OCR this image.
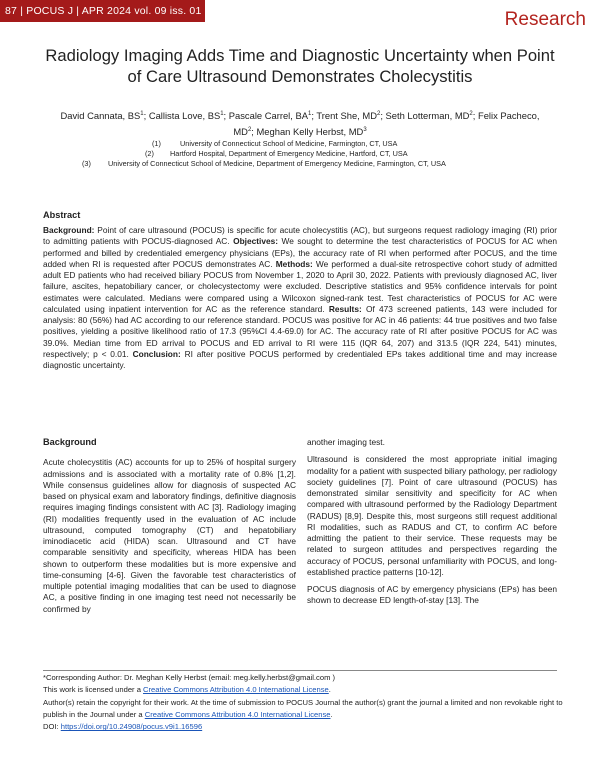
87 | POCUS J | APR 2024 vol. 09 iss. 01	Research
Radiology Imaging Adds Time and Diagnostic Uncertainty when Point of Care Ultrasound Demonstrates Cholecystitis
David Cannata, $BS^1$; Callista Love, $BS^1$; Pascale Carrel, $BA^1$; Trent She, $MD^2$; Seth Lotterman, $MD^2$; Felix Pacheco, $MD^2$; Meghan Kelly Herbst, $MD^3$
(1)	University of Connecticut School of Medicine, Farmington, CT, USA
(2)	Hartford Hospital, Department of Emergency Medicine, Hartford, CT, USA
(3)	University of Connecticut School of Medicine, Department of Emergency Medicine, Farmington, CT, USA
Abstract
Background: Point of care ultrasound (POCUS) is specific for acute cholecystitis (AC), but surgeons request radiology imaging (RI) prior to admitting patients with POCUS-diagnosed AC. Objectives: We sought to determine the test characteristics of POCUS for AC when performed and billed by credentialed emergency physicians (EPs), the accuracy rate of RI when performed after POCUS, and the time added when RI is requested after POCUS demonstrates AC. Methods: We performed a dual-site retrospective cohort study of admitted adult ED patients who had received biliary POCUS from November 1, 2020 to April 30, 2022. Patients with previously diagnosed AC, liver failure, ascites, hepatobiliary cancer, or cholecystectomy were excluded. Descriptive statistics and 95% confidence intervals for point estimates were calculated. Medians were compared using a Wilcoxon signed-rank test. Test characteristics of POCUS for AC were calculated using inpatient intervention for AC as the reference standard. Results: Of 473 screened patients, 143 were included for analysis: 80 (56%) had AC according to our reference standard. POCUS was positive for AC in 46 patients: 44 true positives and two false positives, yielding a positive likelihood ratio of 17.3 (95%CI 4.4-69.0) for AC. The accuracy rate of RI after positive POCUS for AC was 39.0%. Median time from ED arrival to POCUS and ED arrival to RI were 115 (IQR 64, 207) and 313.5 (IQR 224, 541) minutes, respectively; p < 0.01. Conclusion: RI after positive POCUS performed by credentialed EPs takes additional time and may increase diagnostic uncertainty.
Background

Acute cholecystitis (AC) accounts for up to 25% of hospital surgery admissions and is associated with a mortality rate of 0.8% [1,2]. While consensus guidelines allow for diagnosis of suspected AC based on physical exam and laboratory findings, definitive diagnosis requires imaging findings consistent with AC [3]. Radiology imaging (RI) modalities frequently used in the evaluation of AC include ultrasound, computed tomography (CT) and hepatobiliary iminodiacetic acid (HIDA) scan. Ultrasound and CT have comparable sensitivity and specificity, whereas HIDA has been shown to outperform these modalities but is more expensive and time-consuming [4-6]. Given the favorable test characteristics of multiple potential imaging modalities that can be used to diagnose AC, a positive finding in one imaging test need not necessarily be confirmed by

another imaging test.

Ultrasound is considered the most appropriate initial imaging modality for a patient with suspected biliary pathology, per radiology society guidelines [7]. Point of care ultrasound (POCUS) has demonstrated similar sensitivity and specificity for AC when compared with ultrasound performed by the Radiology Department (RADUS) [8,9]. Despite this, most surgeons still request additional RI modalities, such as RADUS and CT, to confirm AC before admitting the patient to their service. These requests may be related to surgeon attitudes and perspectives regarding the accuracy of POCUS, personal unfamiliarity with POCUS, and long-established practice patterns [10-12].

POCUS diagnosis of AC by emergency physicians (EPs) has been shown to decrease ED length-of-stay [13]. The

*Corresponding Author: Dr. Meghan Kelly Herbst (email: meg.kelly.herbst@gmail.com )
This work is licensed under a Creative Commons Attribution 4.0 International License.
Author(s) retain the copyright for their work. At the time of submission to POCUS Journal the author(s) grant the journal a limited and non revokable right to publish in the Journal under a Creative Commons Attribution 4.0 International License.
DOI: https://doi.org/10.24908/pocus.v9i1.16596
